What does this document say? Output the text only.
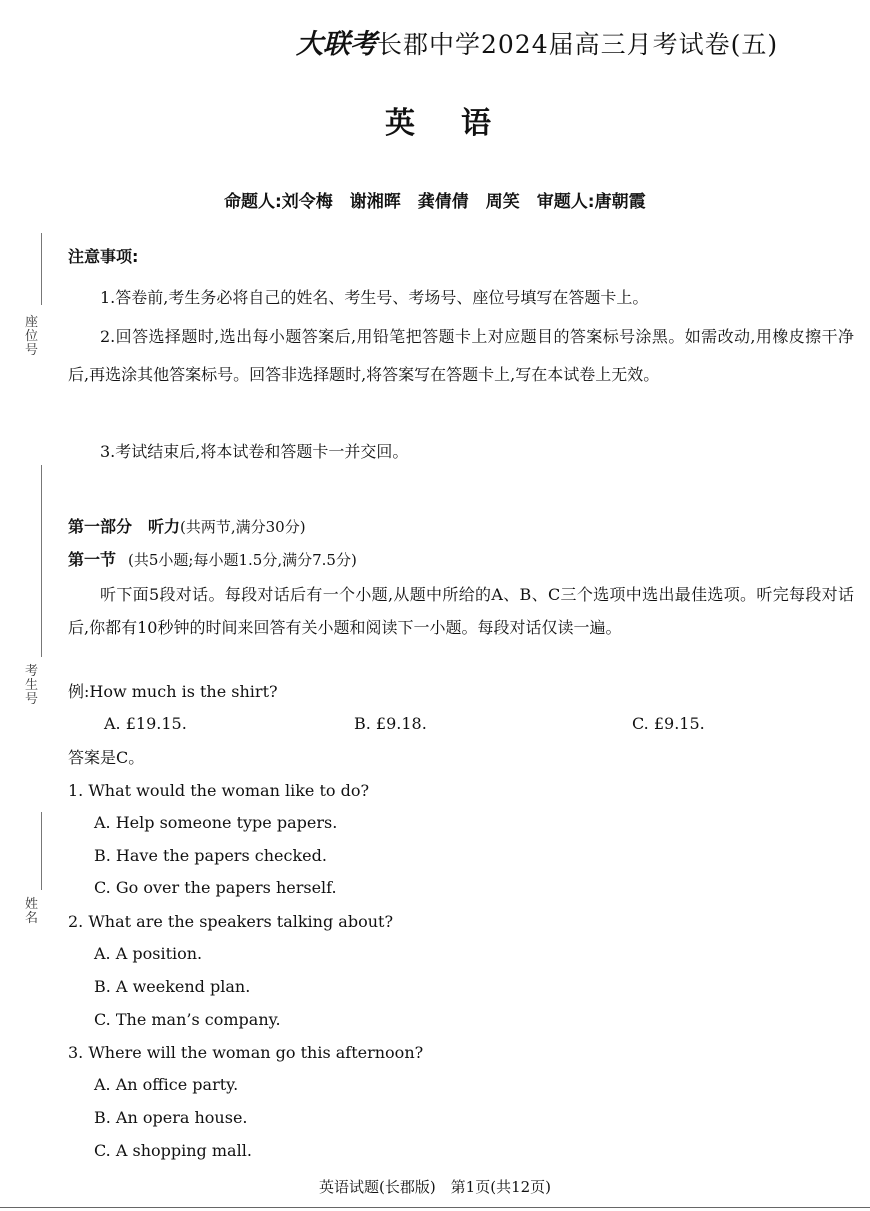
大联考长郡中学2024届高三月考试卷(五)
英语
命题人:刘令梅　谢湘晖　龚倩倩　周笑　审题人:唐朝霞
座位号
考生号
姓名
注意事项:
1.答卷前,考生务必将自己的姓名、考生号、考场号、座位号填写在答题卡上。
2.回答选择题时,选出每小题答案后,用铅笔把答题卡上对应题目的答案标号涂黑。如需改动,用橡皮擦干净后,再选涂其他答案标号。回答非选择题时,将答案写在答题卡上,写在本试卷上无效。
3.考试结束后,将本试卷和答题卡一并交回。
第一部分　听力(共两节,满分30分)
第一节 (共5小题;每小题1.5分,满分7.5分)
听下面5段对话。每段对话后有一个小题,从题中所给的A、B、C三个选项中选出最佳选项。听完每段对话后,你都有10秒钟的时间来回答有关小题和阅读下一小题。每段对话仅读一遍。
例:How much is the shirt?
A. £19.15.	B. £9.18.	C. £9.15.
答案是C。
1. What would the woman like to do?
A. Help someone type papers.
B. Have the papers checked.
C. Go over the papers herself.
2. What are the speakers talking about?
A. A position.
B. A weekend plan.
C. The man’s company.
3. Where will the woman go this afternoon?
A. An office party.
B. An opera house.
C. A shopping mall.
英语试题(长郡版)　第1页(共12页)
